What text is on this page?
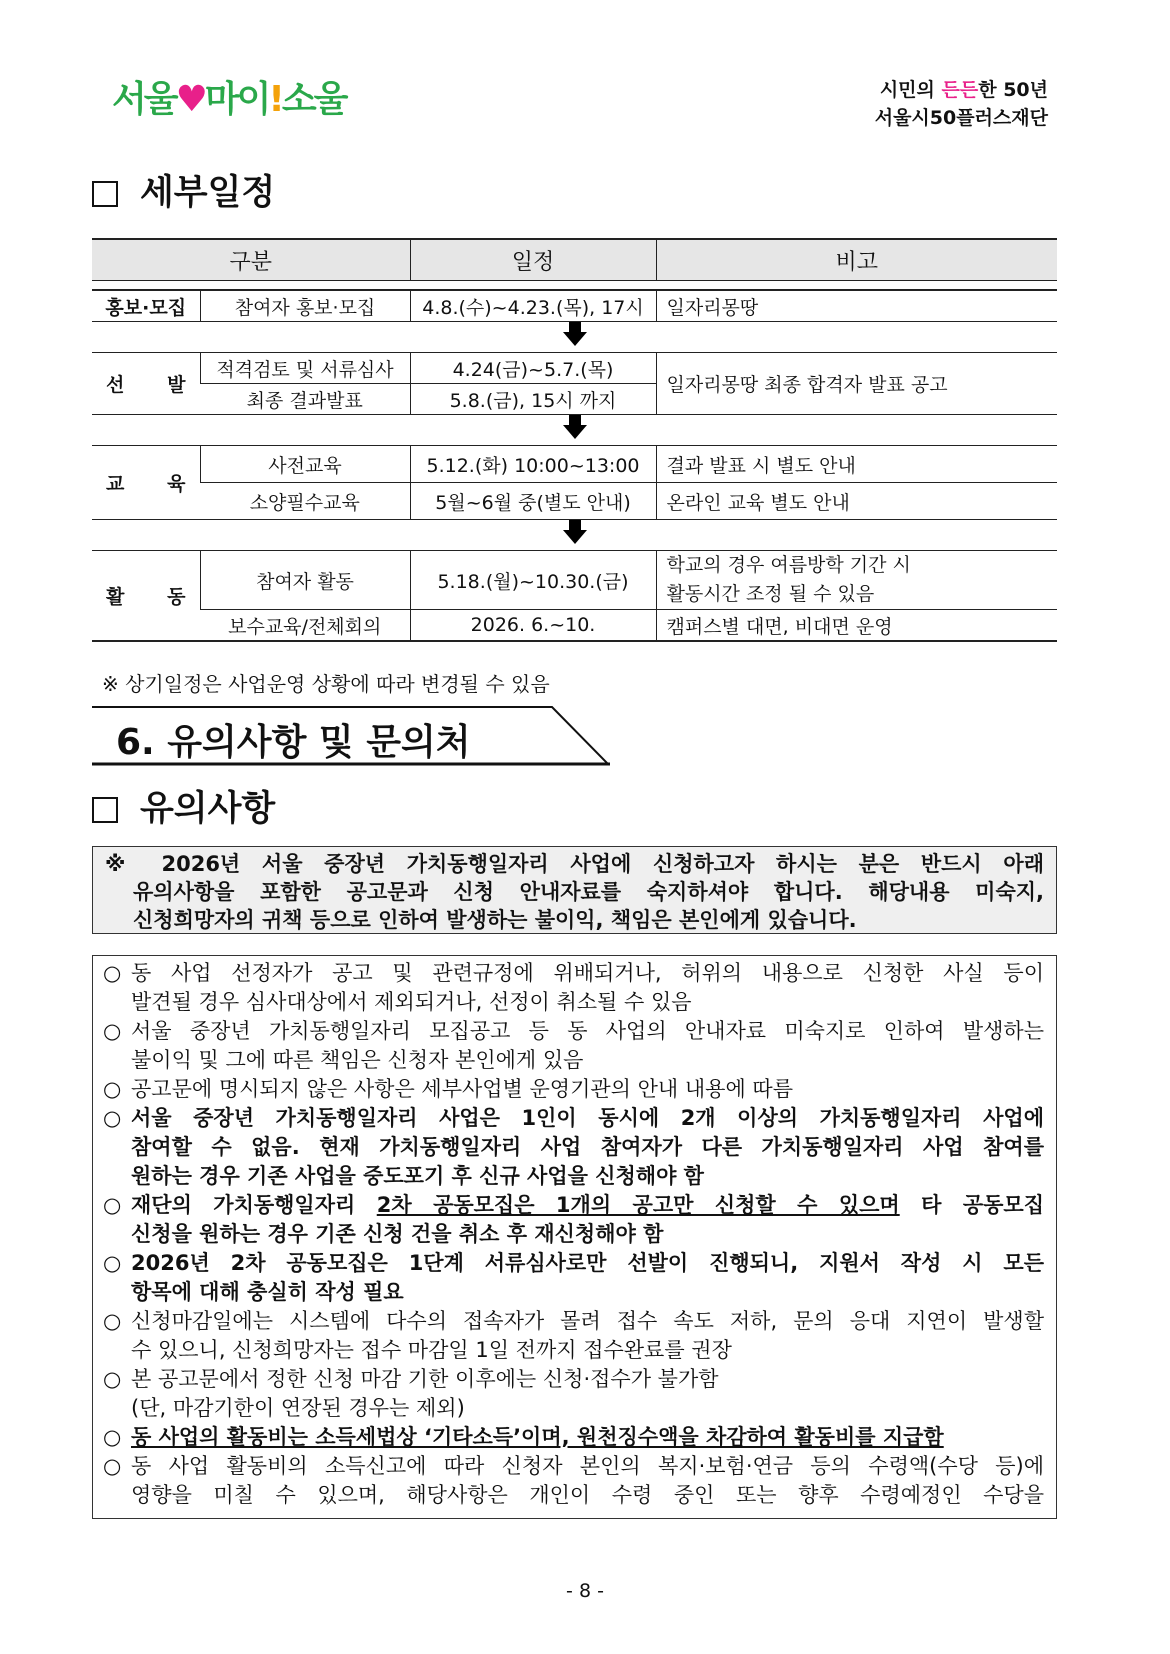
서울♥마이!소울	시민의 든든한 50년
서울시50플러스재단
세부일정
구분		일정	비고

홍보·모집	참여자 홍보·모집	4.8.(수)~4.23.(목), 17시	일자리몽땅

선 발	적격검토 및 서류심사	4.24(금)~5.7.(목)	일자리몽땅 최종 합격자 발표 공고
	최종 결과발표	5.8.(금), 15시 까지	

교 육	사전교육	5.12.(화) 10:00~13:00	결과 발표 시 별도 안내
	소양필수교육	5월~6월 중(별도 안내)	온라인 교육 별도 안내

활 동	참여자 활동	5.18.(월)~10.30.(금)	학교의 경우 여름방학 기간 시
활동시간 조정 될 수 있음

	보수교육/전체회의	2026. 6.~10.	캠퍼스별 대면, 비대면 운영
※ 상기일정은 사업운영 상황에 따라 변경될 수 있음
6. 유의사항 및 문의처
유의사항
※ 2026년 서울 중장년 가치동행일자리 사업에 신청하고자 하시는 분은 반드시 아래
유의사항을 포함한 공고문과 신청 안내자료를 숙지하셔야 합니다. 해당내용 미숙지,
신청희망자의 귀책 등으로 인하여 발생하는 불이익, 책임은 본인에게 있습니다.
○ 동 사업 선정자가 공고 및 관련규정에 위배되거나, 허위의 내용으로 신청한 사실 등이
발견될 경우 심사대상에서 제외되거나, 선정이 취소될 수 있음
○ 서울 중장년 가치동행일자리 모집공고 등 동 사업의 안내자료 미숙지로 인하여 발생하는
불이익 및 그에 따른 책임은 신청자 본인에게 있음
○ 공고문에 명시되지 않은 사항은 세부사업별 운영기관의 안내 내용에 따름
○ 서울 중장년 가치동행일자리 사업은 1인이 동시에 2개 이상의 가치동행일자리 사업에
참여할 수 없음. 현재 가치동행일자리 사업 참여자가 다른 가치동행일자리 사업 참여를
원하는 경우 기존 사업을 중도포기 후 신규 사업을 신청해야 함
○ 재단의 가치동행일자리 2차 공동모집은 1개의 공고만 신청할 수 있으며 타 공동모집
신청을 원하는 경우 기존 신청 건을 취소 후 재신청해야 함
○ 2026년 2차 공동모집은 1단계 서류심사로만 선발이 진행되니, 지원서 작성 시 모든
항목에 대해 충실히 작성 필요
○ 신청마감일에는 시스템에 다수의 접속자가 몰려 접수 속도 저하, 문의 응대 지연이 발생할
수 있으니, 신청희망자는 접수 마감일 1일 전까지 접수완료를 권장
○ 본 공고문에서 정한 신청 마감 기한 이후에는 신청·접수가 불가함
(단, 마감기한이 연장된 경우는 제외)
○ 동 사업의 활동비는 소득세법상 ‘기타소득’이며, 원천징수액을 차감하여 활동비를 지급함
○ 동 사업 활동비의 소득신고에 따라 신청자 본인의 복지·보험·연금 등의 수령액(수당 등)에
영향을 미칠 수 있으며, 해당사항은 개인이 수령 중인 또는 향후 수령예정인 수당을
- 8 -
